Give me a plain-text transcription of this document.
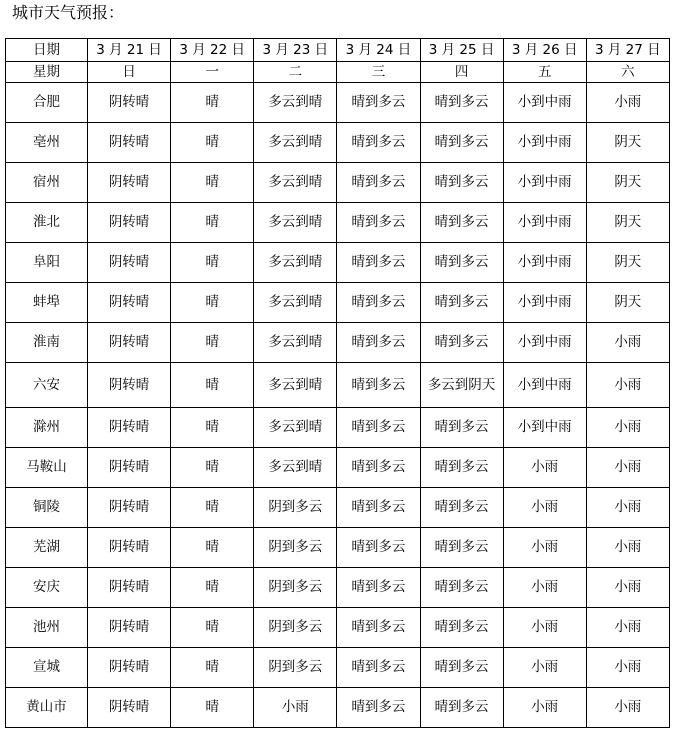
城市天气预报：
日期	3 月 21 日	3 月 22 日	3 月 23 日	3 月 24 日	3 月 25 日	3 月 26 日	3 月 27 日
星期	日	一	二	三	四	五	六
合肥	阴转晴	晴	多云到晴	晴到多云	晴到多云	小到中雨	小雨
亳州	阴转晴	晴	多云到晴	晴到多云	晴到多云	小到中雨	阴天
宿州	阴转晴	晴	多云到晴	晴到多云	晴到多云	小到中雨	阴天
淮北	阴转晴	晴	多云到晴	晴到多云	晴到多云	小到中雨	阴天
阜阳	阴转晴	晴	多云到晴	晴到多云	晴到多云	小到中雨	阴天
蚌埠	阴转晴	晴	多云到晴	晴到多云	晴到多云	小到中雨	阴天
淮南	阴转晴	晴	多云到晴	晴到多云	晴到多云	小到中雨	小雨
六安	阴转晴	晴	多云到晴	晴到多云	多云到阴天	小到中雨	小雨
滁州	阴转晴	晴	多云到晴	晴到多云	晴到多云	小到中雨	小雨
马鞍山	阴转晴	晴	多云到晴	晴到多云	晴到多云	小雨	小雨
铜陵	阴转晴	晴	阴到多云	晴到多云	晴到多云	小雨	小雨
芜湖	阴转晴	晴	阴到多云	晴到多云	晴到多云	小雨	小雨
安庆	阴转晴	晴	阴到多云	晴到多云	晴到多云	小雨	小雨
池州	阴转晴	晴	阴到多云	晴到多云	晴到多云	小雨	小雨
宣城	阴转晴	晴	阴到多云	晴到多云	晴到多云	小雨	小雨
黄山市	阴转晴	晴	小雨	晴到多云	晴到多云	小雨	小雨
